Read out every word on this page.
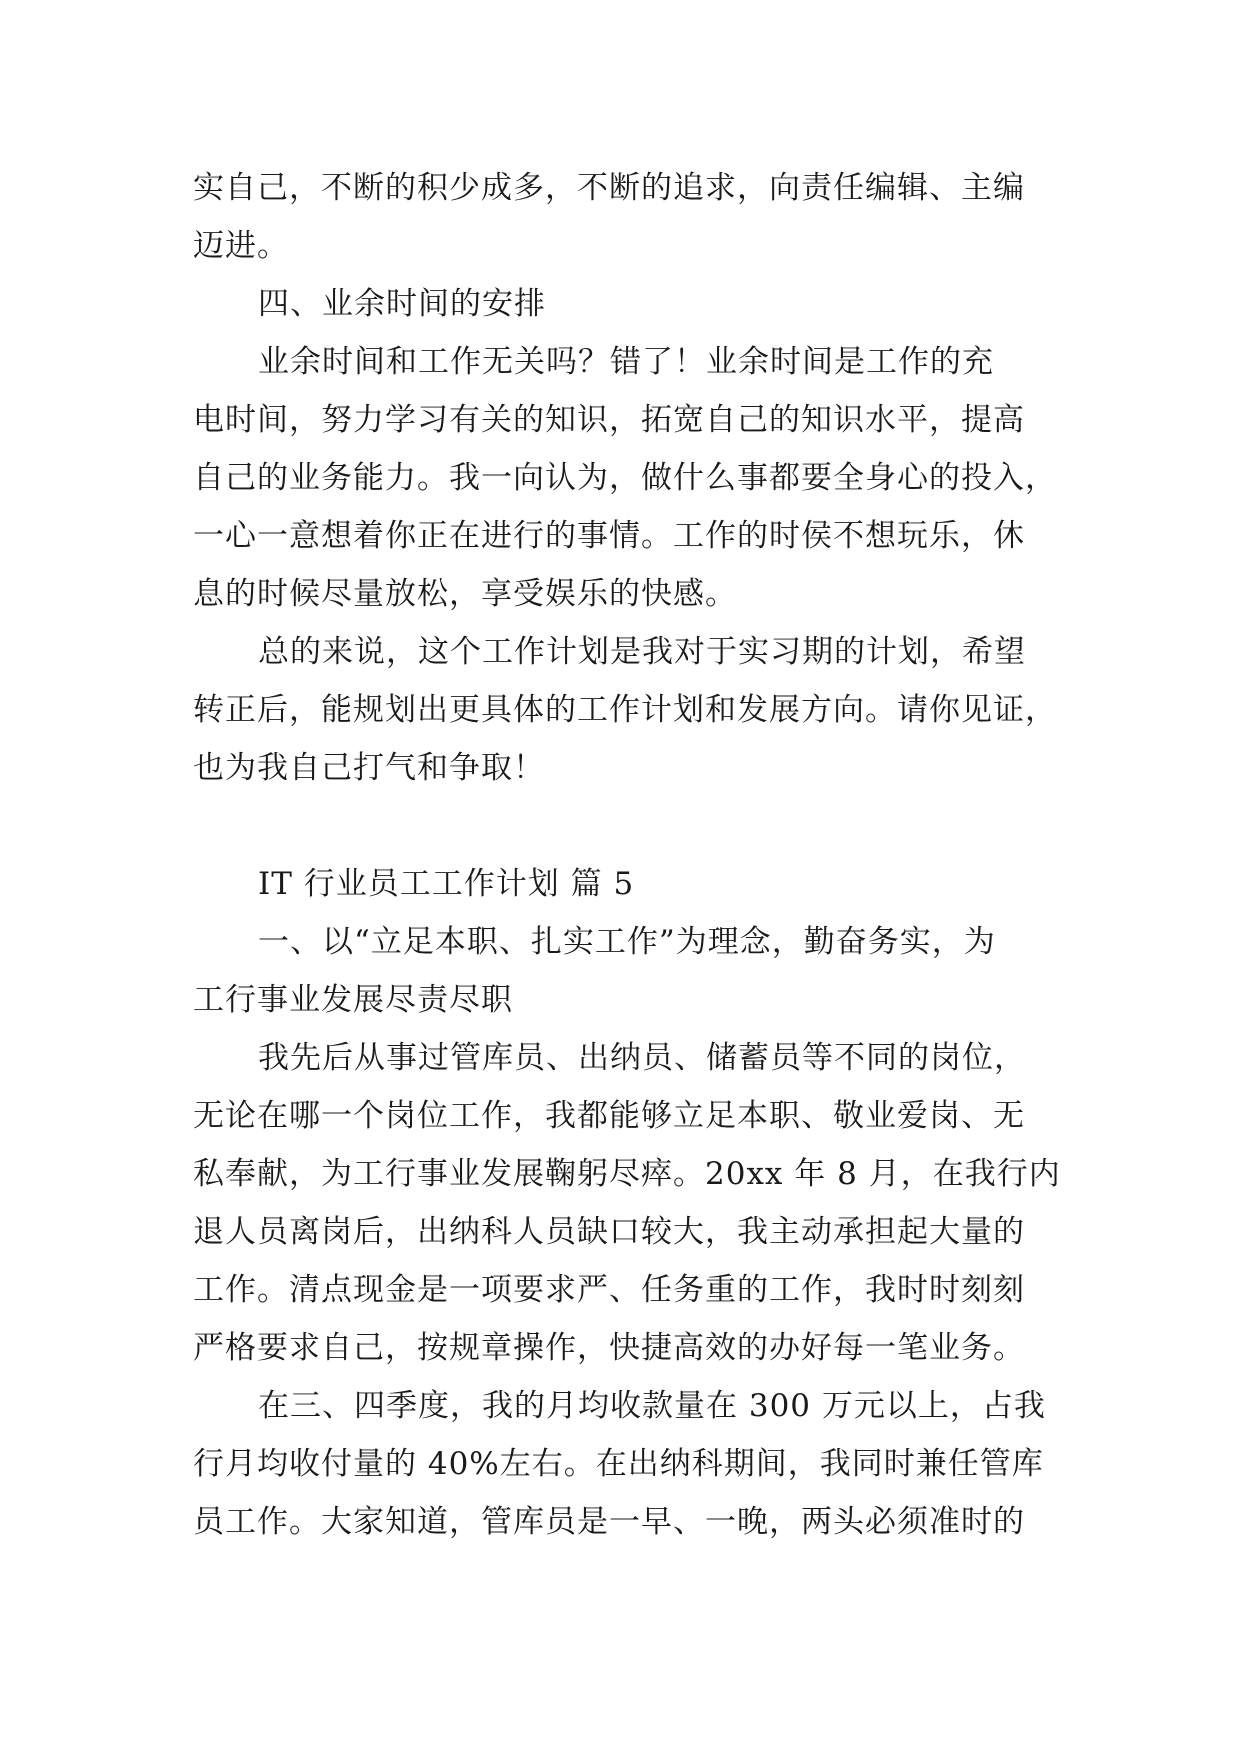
实自己，不断的积少成多，不断的追求，向责任编辑、主编
迈进。
四、业余时间的安排
业余时间和工作无关吗？错了！业余时间是工作的充
电时间，努力学习有关的知识，拓宽自己的知识水平，提高
自己的业务能力。我一向认为，做什么事都要全身心的投入，
一心一意想着你正在进行的事情。工作的时侯不想玩乐，休
息的时候尽量放松，享受娱乐的快感。
总的来说，这个工作计划是我对于实习期的计划，希望
转正后，能规划出更具体的工作计划和发展方向。请你见证，
也为我自己打气和争取！
IT 行业员工工作计划 篇 5
一、以“立足本职、扎实工作”为理念，勤奋务实，为
工行事业发展尽责尽职
我先后从事过管库员、出纳员、储蓄员等不同的岗位，
无论在哪一个岗位工作，我都能够立足本职、敬业爱岗、无
私奉献，为工行事业发展鞠躬尽瘁。20xx 年 8 月，在我行内
退人员离岗后，出纳科人员缺口较大，我主动承担起大量的
工作。清点现金是一项要求严、任务重的工作，我时时刻刻
严格要求自己，按规章操作，快捷高效的办好每一笔业务。
在三、四季度，我的月均收款量在 300 万元以上，占我
行月均收付量的 40%左右。在出纳科期间，我同时兼任管库
员工作。大家知道，管库员是一早、一晚，两头必须准时的
